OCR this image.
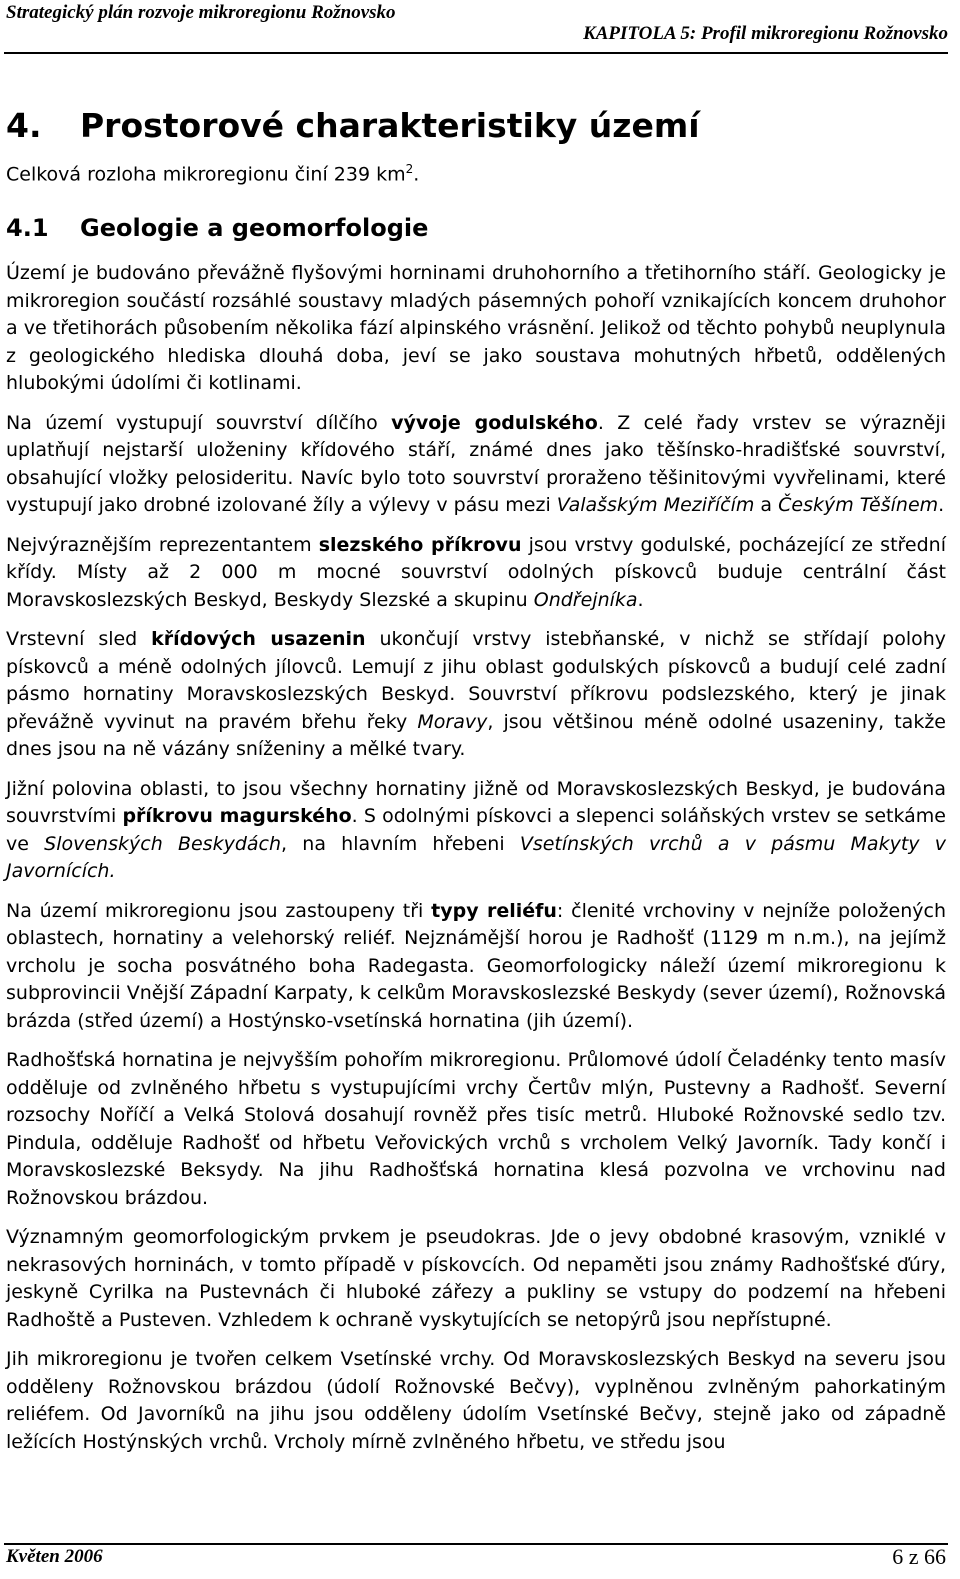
Strategický plán rozvoje mikroregionu Rožnovsko
KAPITOLA 5: Profil mikroregionu Rožnovsko
4. Prostorové charakteristiky území

Celková rozloha mikroregionu činí 239 $km^2$.

4.1 Geologie a geomorfologie

Území je budováno převážně flyšovými horninami druhohorního a třetihorního stáří. Geologicky je mikroregion součástí rozsáhlé soustavy mladých pásemných pohoří vznikajících koncem druhohor a ve třetihorách působením několika fází alpinského vrásnění. Jelikož od těchto pohybů neuplynula z geologického hlediska dlouhá doba, jeví se jako soustava mohutných hřbetů, oddělených hlubokými údolími či kotlinami.

Na území vystupují souvrství dílčího vývoje godulského. Z celé řady vrstev se výrazněji uplatňují nejstarší uloženiny křídového stáří, známé dnes jako těšínsko-hradišťské souvrství, obsahující vložky pelosideritu. Navíc bylo toto souvrství proraženo těšinitovými vyvřelinami, které vystupují jako drobné izolované žíly a výlevy v pásu mezi Valašským Meziříčím a Českým Těšínem.

Nejvýraznějším reprezentantem slezského příkrovu jsou vrstvy godulské, pocházející ze střední křídy. Místy až 2 000 m mocné souvrství odolných pískovců buduje centrální část Moravskoslezských Beskyd, Beskydy Slezské a skupinu Ondřejníka.

Vrstevní sled křídových usazenin ukončují vrstvy istebňanské, v nichž se střídají polohy pískovců a méně odolných jílovců. Lemují z jihu oblast godulských pískovců a budují celé zadní pásmo hornatiny Moravskoslezských Beskyd. Souvrství příkrovu podslezského, který je jinak převážně vyvinut na pravém břehu řeky Moravy, jsou většinou méně odolné usazeniny, takže dnes jsou na ně vázány sníženiny a mělké tvary.

Jižní polovina oblasti, to jsou všechny hornatiny jižně od Moravskoslezských Beskyd, je budována souvrstvími příkrovu magurského. S odolnými pískovci a slepenci soláňských vrstev se setkáme ve Slovenských Beskydách, na hlavním hřebeni Vsetínských vrchů a v pásmu Makyty v Javornících.

Na území mikroregionu jsou zastoupeny tři typy reliéfu: členité vrchoviny v nejníže položených oblastech, hornatiny a velehorský reliéf. Nejznámější horou je Radhošť (1129 m n.m.), na jejímž vrcholu je socha posvátného boha Radegasta. Geomorfologicky náleží území mikroregionu k subprovincii Vnější Západní Karpaty, k celkům Moravskoslezské Beskydy (sever území), Rožnovská brázda (střed území) a Hostýnsko-vsetínská hornatina (jih území).

Radhošťská hornatina je nejvyšším pohořím mikroregionu. Průlomové údolí Čeladénky tento masív odděluje od zvlněného hřbetu s vystupujícími vrchy Čertův mlýn, Pustevny a Radhošť. Severní rozsochy Noříčí a Velká Stolová dosahují rovněž přes tisíc metrů. Hluboké Rožnovské sedlo tzv. Pindula, odděluje Radhošť od hřbetu Veřovických vrchů s vrcholem Velký Javorník. Tady končí i Moravskoslezské Beksydy. Na jihu Radhošťská hornatina klesá pozvolna ve vrchovinu nad Rožnovskou brázdou.

Významným geomorfologickým prvkem je pseudokras. Jde o jevy obdobné krasovým, vzniklé v nekrasových horninách, v tomto případě v pískovcích. Od nepaměti jsou známy Radhošťské ďúry, jeskyně Cyrilka na Pustevnách či hluboké zářezy a pukliny se vstupy do podzemí na hřebeni Radhoště a Pusteven. Vzhledem k ochraně vyskytujících se netopýrů jsou nepřístupné.

Jih mikroregionu je tvořen celkem Vsetínské vrchy. Od Moravskoslezských Beskyd na severu jsou odděleny Rožnovskou brázdou (údolí Rožnovské Bečvy), vyplněnou zvlněným pahorkatiným reliéfem. Od Javorníků na jihu jsou odděleny údolím Vsetínské Bečvy, stejně jako od západně ležících Hostýnských vrchů. Vrcholy mírně zvlněného hřbetu, ve středu jsou

Květen 2006	6 z 66
